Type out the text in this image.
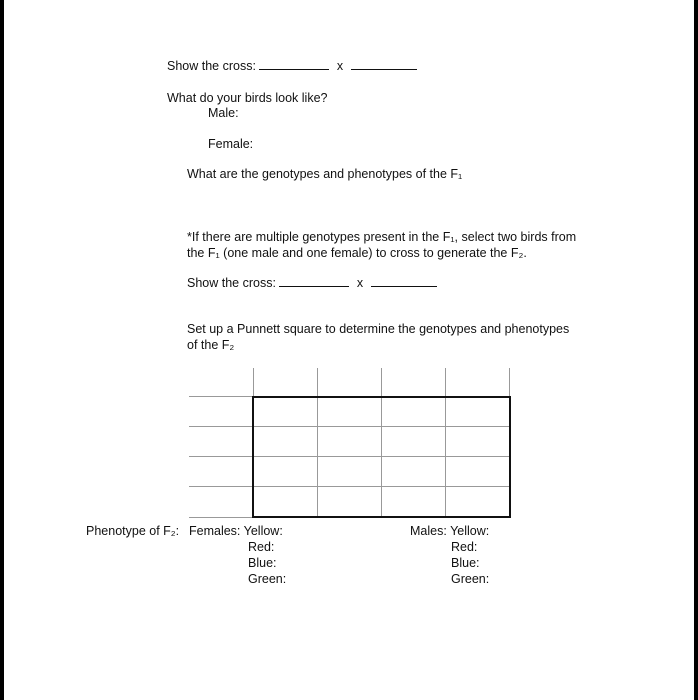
Show the cross:	x
What do your birds look like?
Male:
Female:
What are the genotypes and phenotypes of the F₁
*If there are multiple genotypes present in the F₁, select two birds from
the F₁ (one male and one female) to cross to generate the F₂.
Show the cross:	x
Set up a Punnett square to determine the genotypes and phenotypes
of the F₂
Phenotype of F₂: Females: Yellow:
Red:
Blue:
Green:
Males: Yellow:
Red:
Blue:
Green:
